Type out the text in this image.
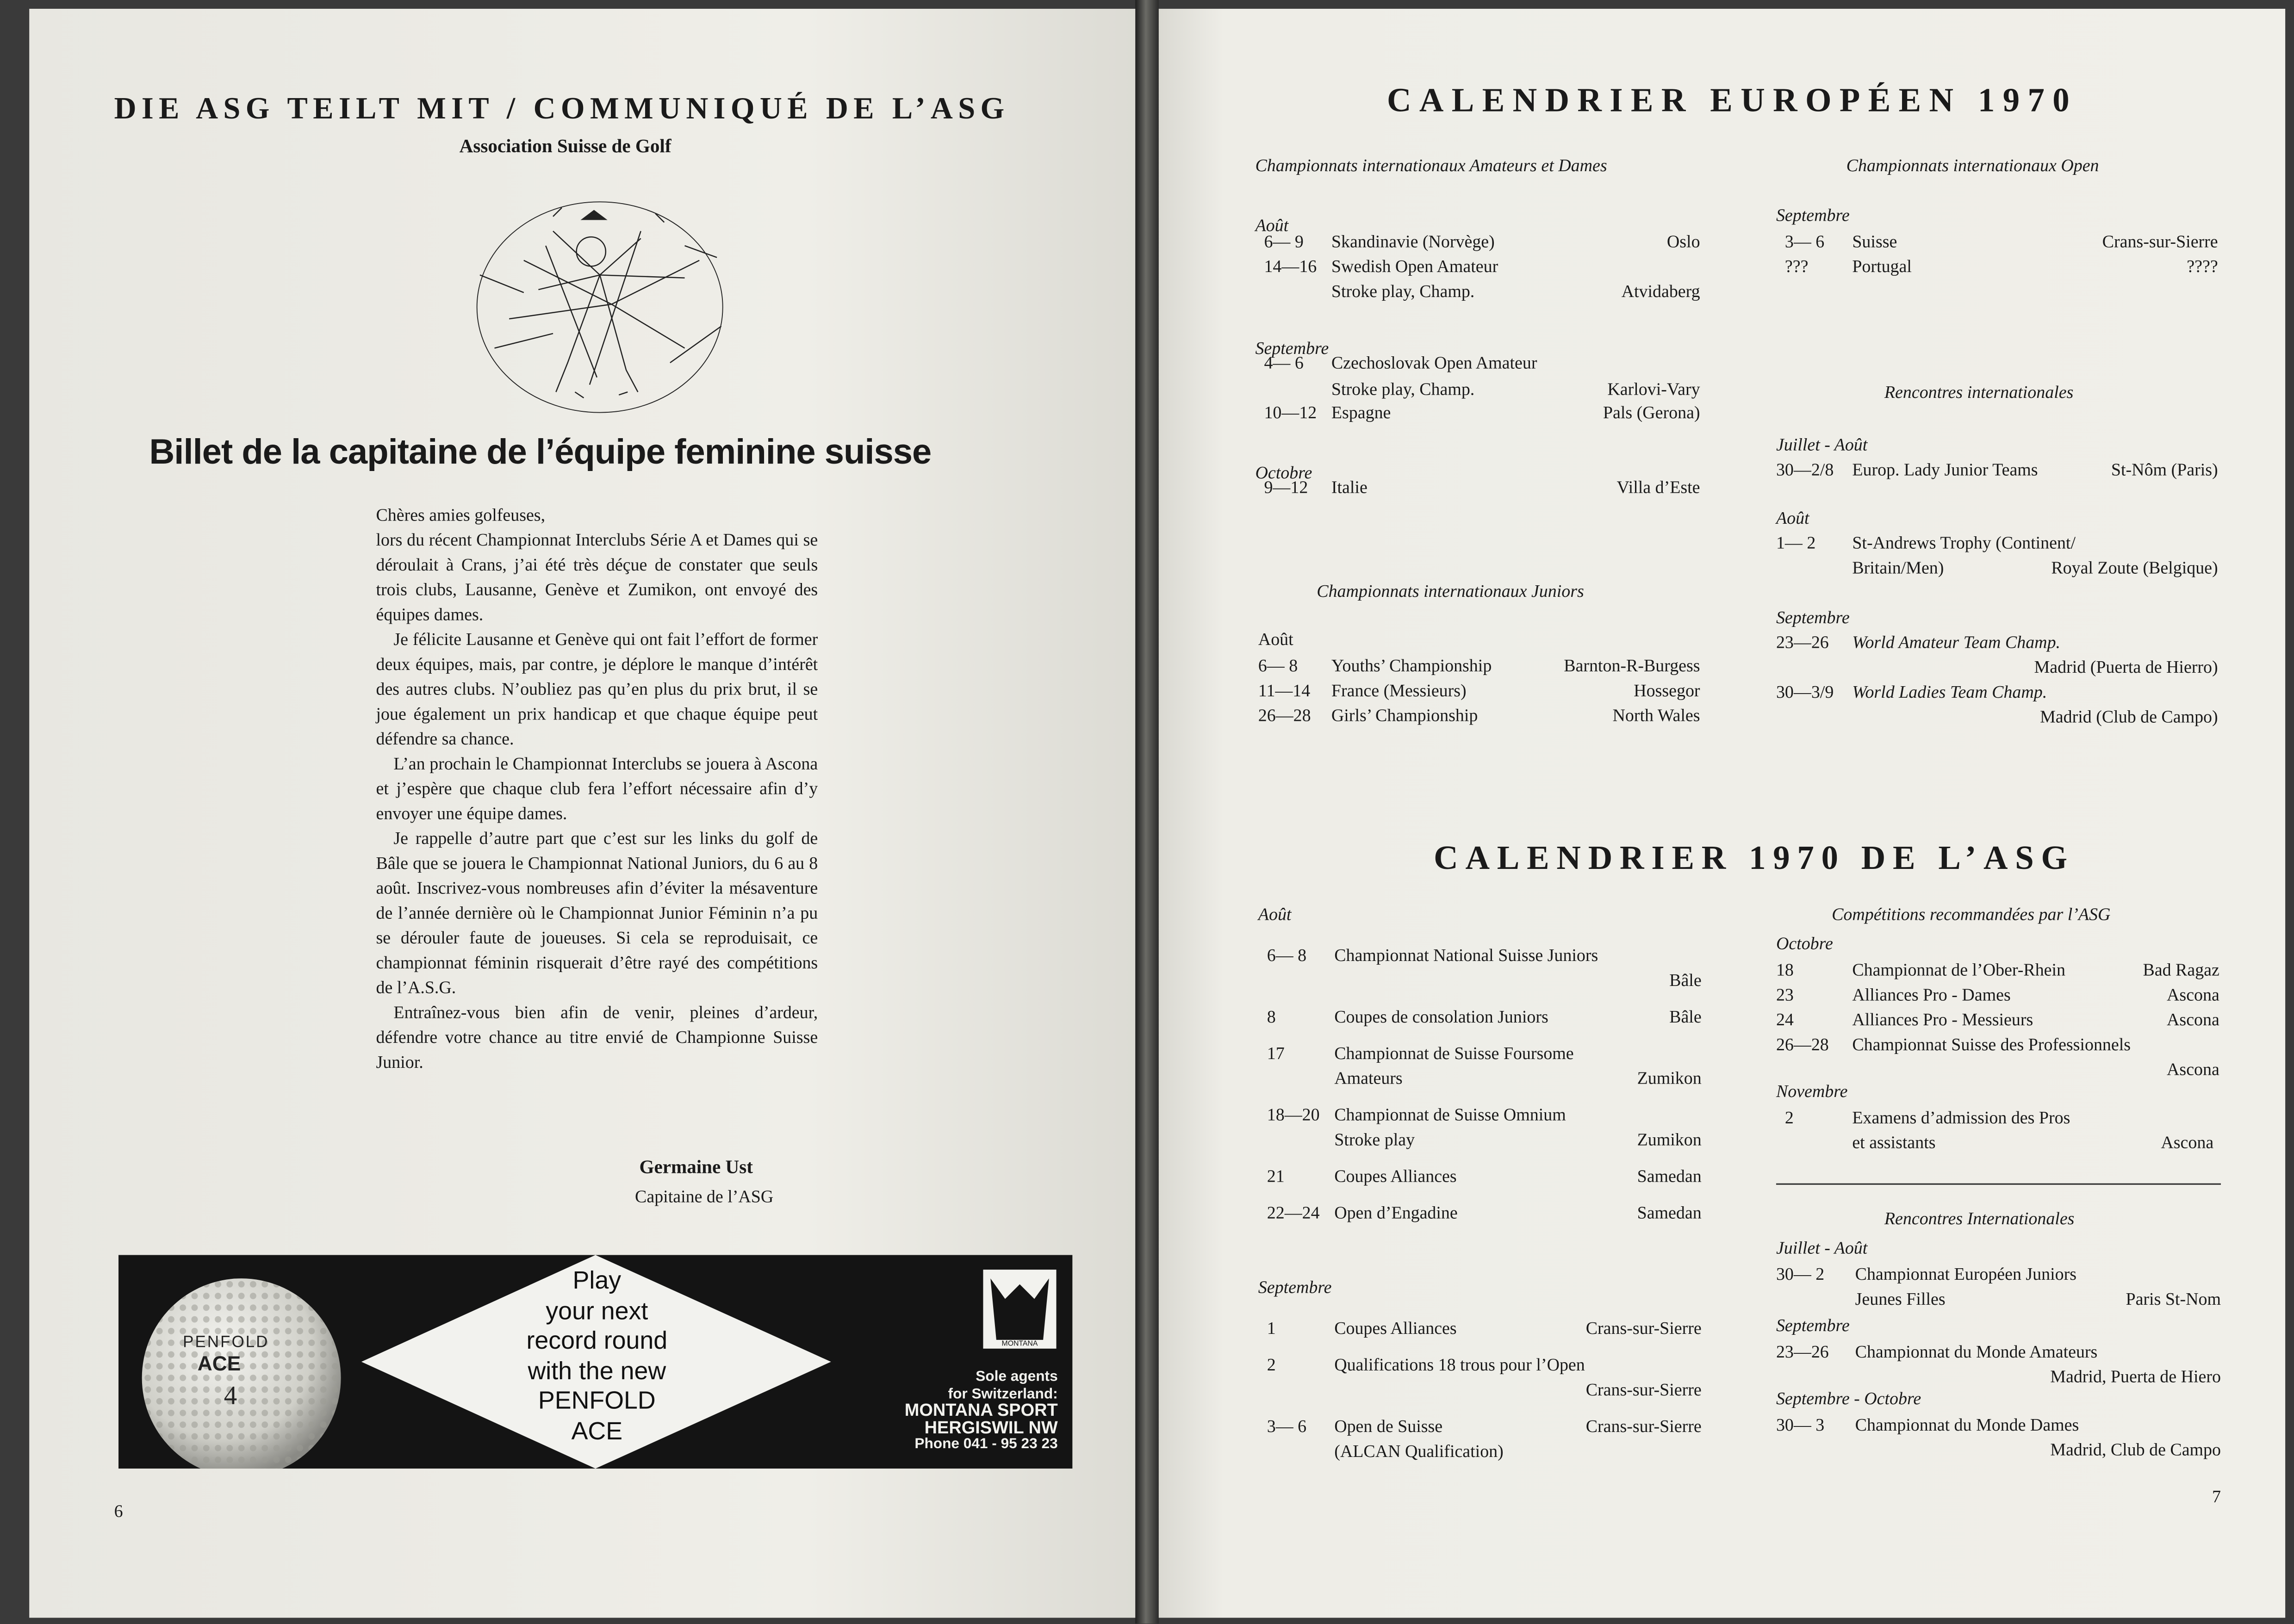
DIE ASG TEILT MIT / COMMUNIQUÉ DE L’ASG
Association Suisse de Golf
Billet de la capitaine de l’équipe feminine suisse

Chères amies golfeuses,

lors du récent Championnat Interclubs Série A et Dames qui se déroulait à Crans, j’ai été très déçue de constater que seuls trois clubs, Lausanne, Genève et Zumikon, ont envoyé des équipes dames.

Je félicite Lausanne et Genève qui ont fait l’effort de former deux équipes, mais, par contre, je déplore le manque d’intérêt des autres clubs. N’oubliez pas qu’en plus du prix brut, il se joue également un prix handicap et que chaque équipe peut défendre sa chance.

L’an prochain le Championnat Interclubs se jouera à Ascona et j’espère que chaque club fera l’effort nécessaire afin d’y envoyer une équipe dames.

Je rappelle d’autre part que c’est sur les links du golf de Bâle que se jouera le Championnat National Juniors, du 6 au 8 août. Inscrivez-vous nombreuses afin d’éviter la mésaventure de l’année dernière où le Championnat Junior Féminin n’a pu se dérouler faute de joueuses. Si cela se reproduisait, ce championnat féminin risquerait d’être rayé des compétitions de l’A.S.G.

Entraînez-vous bien afin de venir, pleines d’ardeur, défendre votre chance au titre envié de Championne Suisse Junior.

Germaine Ust
Capitaine de l’ASG
PENFOLD
ACE
4
Play
your next
record round
with the new
PENFOLD
ACE
MONTANA
Sole agents
for Switzerland:
MONTANA SPORT
HERGISWIL NW
Phone 041 - 95 23 23
6
CALENDRIER EUROPÉEN 1970
Championnats internationaux Amateurs et Dames
Championnats internationaux Juniors
Août
Championnats internationaux Open
Septembre
Rencontres internationales
CALENDRIER 1970 DE L’ASG
Août
Septembre
Compétitions recommandées par l’ASG
Octobre
Novembre
Rencontres Internationales
Juillet - Août
Septembre
Septembre - Octobre
7
Août
6— 9	Skandinavie (Norvège)	Oslo
14—16	Swedish Open Amateur
Stroke play, Champ.	Atvidaberg
Septembre
4— 6	Czechoslovak Open Amateur
Stroke play, Champ.	Karlovi-Vary
10—12	Espagne	Pals (Gerona)
Octobre
9—12	Italie	Villa d’Este
6— 8	Youths’ Championship	Barnton-R-Burgess
11—14	France (Messieurs)	Hossegor
26—28	Girls’ Championship	North Wales
3— 6	Suisse	Crans-sur-Sierre
???	Portugal	????
Juillet - Août
30—2/8	Europ. Lady Junior Teams	St-Nôm (Paris)
Août
1— 2	St-Andrews Trophy (Continent/
Britain/Men)	Royal Zoute (Belgique)
Septembre
23—26	World Amateur Team Champ.
Madrid (Puerta de Hierro)
30—3/9	World Ladies Team Champ.
Madrid (Club de Campo)
6— 8	Championnat National Suisse Juniors
Bâle
8	Coupes de consolation Juniors	Bâle
17	Championnat de Suisse Foursome
Amateurs	Zumikon
18—20	Championnat de Suisse Omnium
Stroke play	Zumikon
21	Coupes Alliances	Samedan
22—24	Open d’Engadine	Samedan
1	Coupes Alliances	Crans-sur-Sierre
2	Qualifications 18 trous pour l’Open
Crans-sur-Sierre
3— 6	Open de Suisse
(ALCAN Qualification)
Crans-sur-Sierre
18	Championnat de l’Ober-Rhein	Bad Ragaz
23	Alliances Pro - Dames	Ascona
24	Alliances Pro - Messieurs	Ascona
26—28	Championnat Suisse des Professionnels
Ascona
2	Examens d’admission des Pros
et assistants	Ascona
30— 2	Championnat Européen Juniors
Jeunes Filles	Paris St-Nom
23—26	Championnat du Monde Amateurs
Madrid, Puerta de Hiero
30— 3	Championnat du Monde Dames
Madrid, Club de Campo
